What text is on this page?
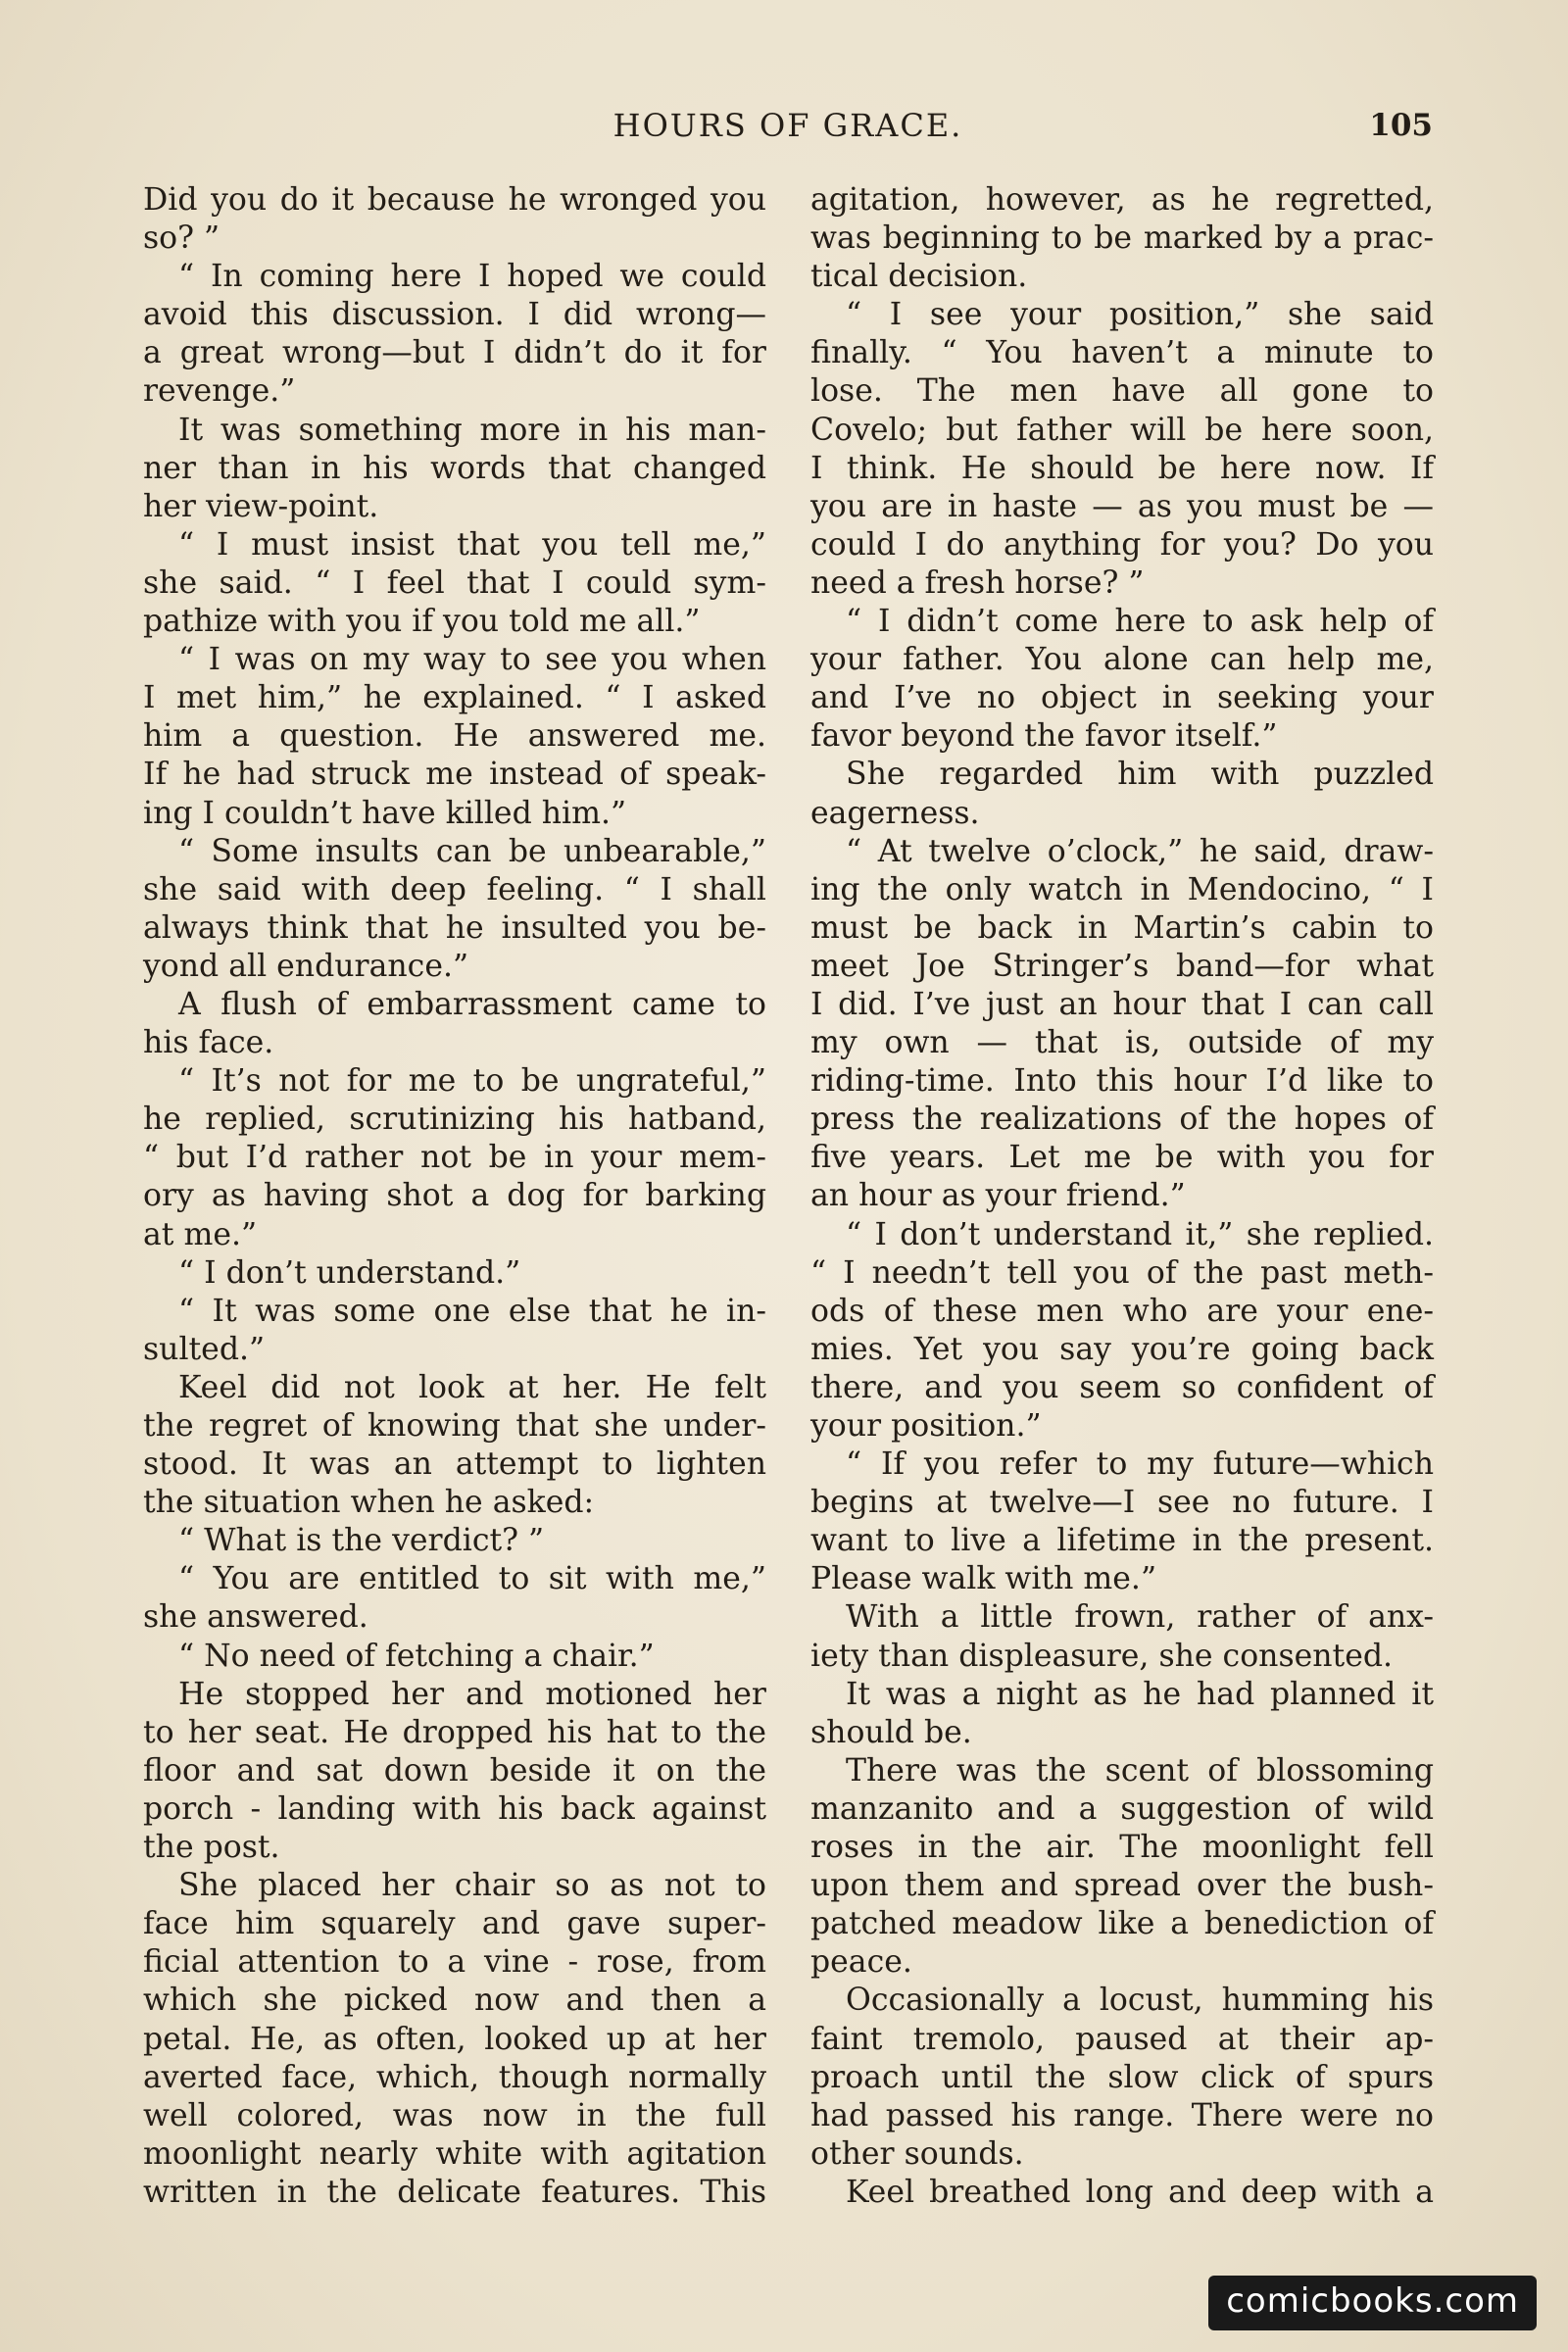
HOURS OF GRACE.	105
Did you do it because he wronged you
so? ”
“ In coming here I hoped we could
avoid this discussion. I did wrong—
a great wrong—but I didn’t do it for
revenge.”
It was something more in his man-
ner than in his words that changed
her view-point.
“ I must insist that you tell me,”
she said. “ I feel that I could sym-
pathize with you if you told me all.”
“ I was on my way to see you when
I met him,” he explained. “ I asked
him a question. He answered me.
If he had struck me instead of speak-
ing I couldn’t have killed him.”
“ Some insults can be unbearable,”
she said with deep feeling. “ I shall
always think that he insulted you be-
yond all endurance.”
A flush of embarrassment came to
his face.
“ It’s not for me to be ungrateful,”
he replied, scrutinizing his hatband,
“ but I’d rather not be in your mem-
ory as having shot a dog for barking
at me.”
“ I don’t understand.”
“ It was some one else that he in-
sulted.”
Keel did not look at her. He felt
the regret of knowing that she under-
stood. It was an attempt to lighten
the situation when he asked:
“ What is the verdict? ”
“ You are entitled to sit with me,”
she answered.
“ No need of fetching a chair.”
He stopped her and motioned her
to her seat. He dropped his hat to the
floor and sat down beside it on the
porch - landing with his back against
the post.
She placed her chair so as not to
face him squarely and gave super-
ficial attention to a vine - rose, from
which she picked now and then a
petal. He, as often, looked up at her
averted face, which, though normally
well colored, was now in the full
moonlight nearly white with agitation
written in the delicate features. This
agitation, however, as he regretted,
was beginning to be marked by a prac-
tical decision.
“ I see your position,” she said
finally. “ You haven’t a minute to
lose. The men have all gone to
Covelo; but father will be here soon,
I think. He should be here now. If
you are in haste — as you must be —
could I do anything for you? Do you
need a fresh horse? ”
“ I didn’t come here to ask help of
your father. You alone can help me,
and I’ve no object in seeking your
favor beyond the favor itself.”
She regarded him with puzzled
eagerness.
“ At twelve o’clock,” he said, draw-
ing the only watch in Mendocino, “ I
must be back in Martin’s cabin to
meet Joe Stringer’s band—for what
I did. I’ve just an hour that I can call
my own — that is, outside of my
riding-time. Into this hour I’d like to
press the realizations of the hopes of
five years. Let me be with you for
an hour as your friend.”
“ I don’t understand it,” she replied.
“ I needn’t tell you of the past meth-
ods of these men who are your ene-
mies. Yet you say you’re going back
there, and you seem so confident of
your position.”
“ If you refer to my future—which
begins at twelve—I see no future. I
want to live a lifetime in the present.
Please walk with me.”
With a little frown, rather of anx-
iety than displeasure, she consented.
It was a night as he had planned it
should be.
There was the scent of blossoming
manzanito and a suggestion of wild
roses in the air. The moonlight fell
upon them and spread over the bush-
patched meadow like a benediction of
peace.
Occasionally a locust, humming his
faint tremolo, paused at their ap-
proach until the slow click of spurs
had passed his range. There were no
other sounds.
Keel breathed long and deep with a
comicbooks.com
